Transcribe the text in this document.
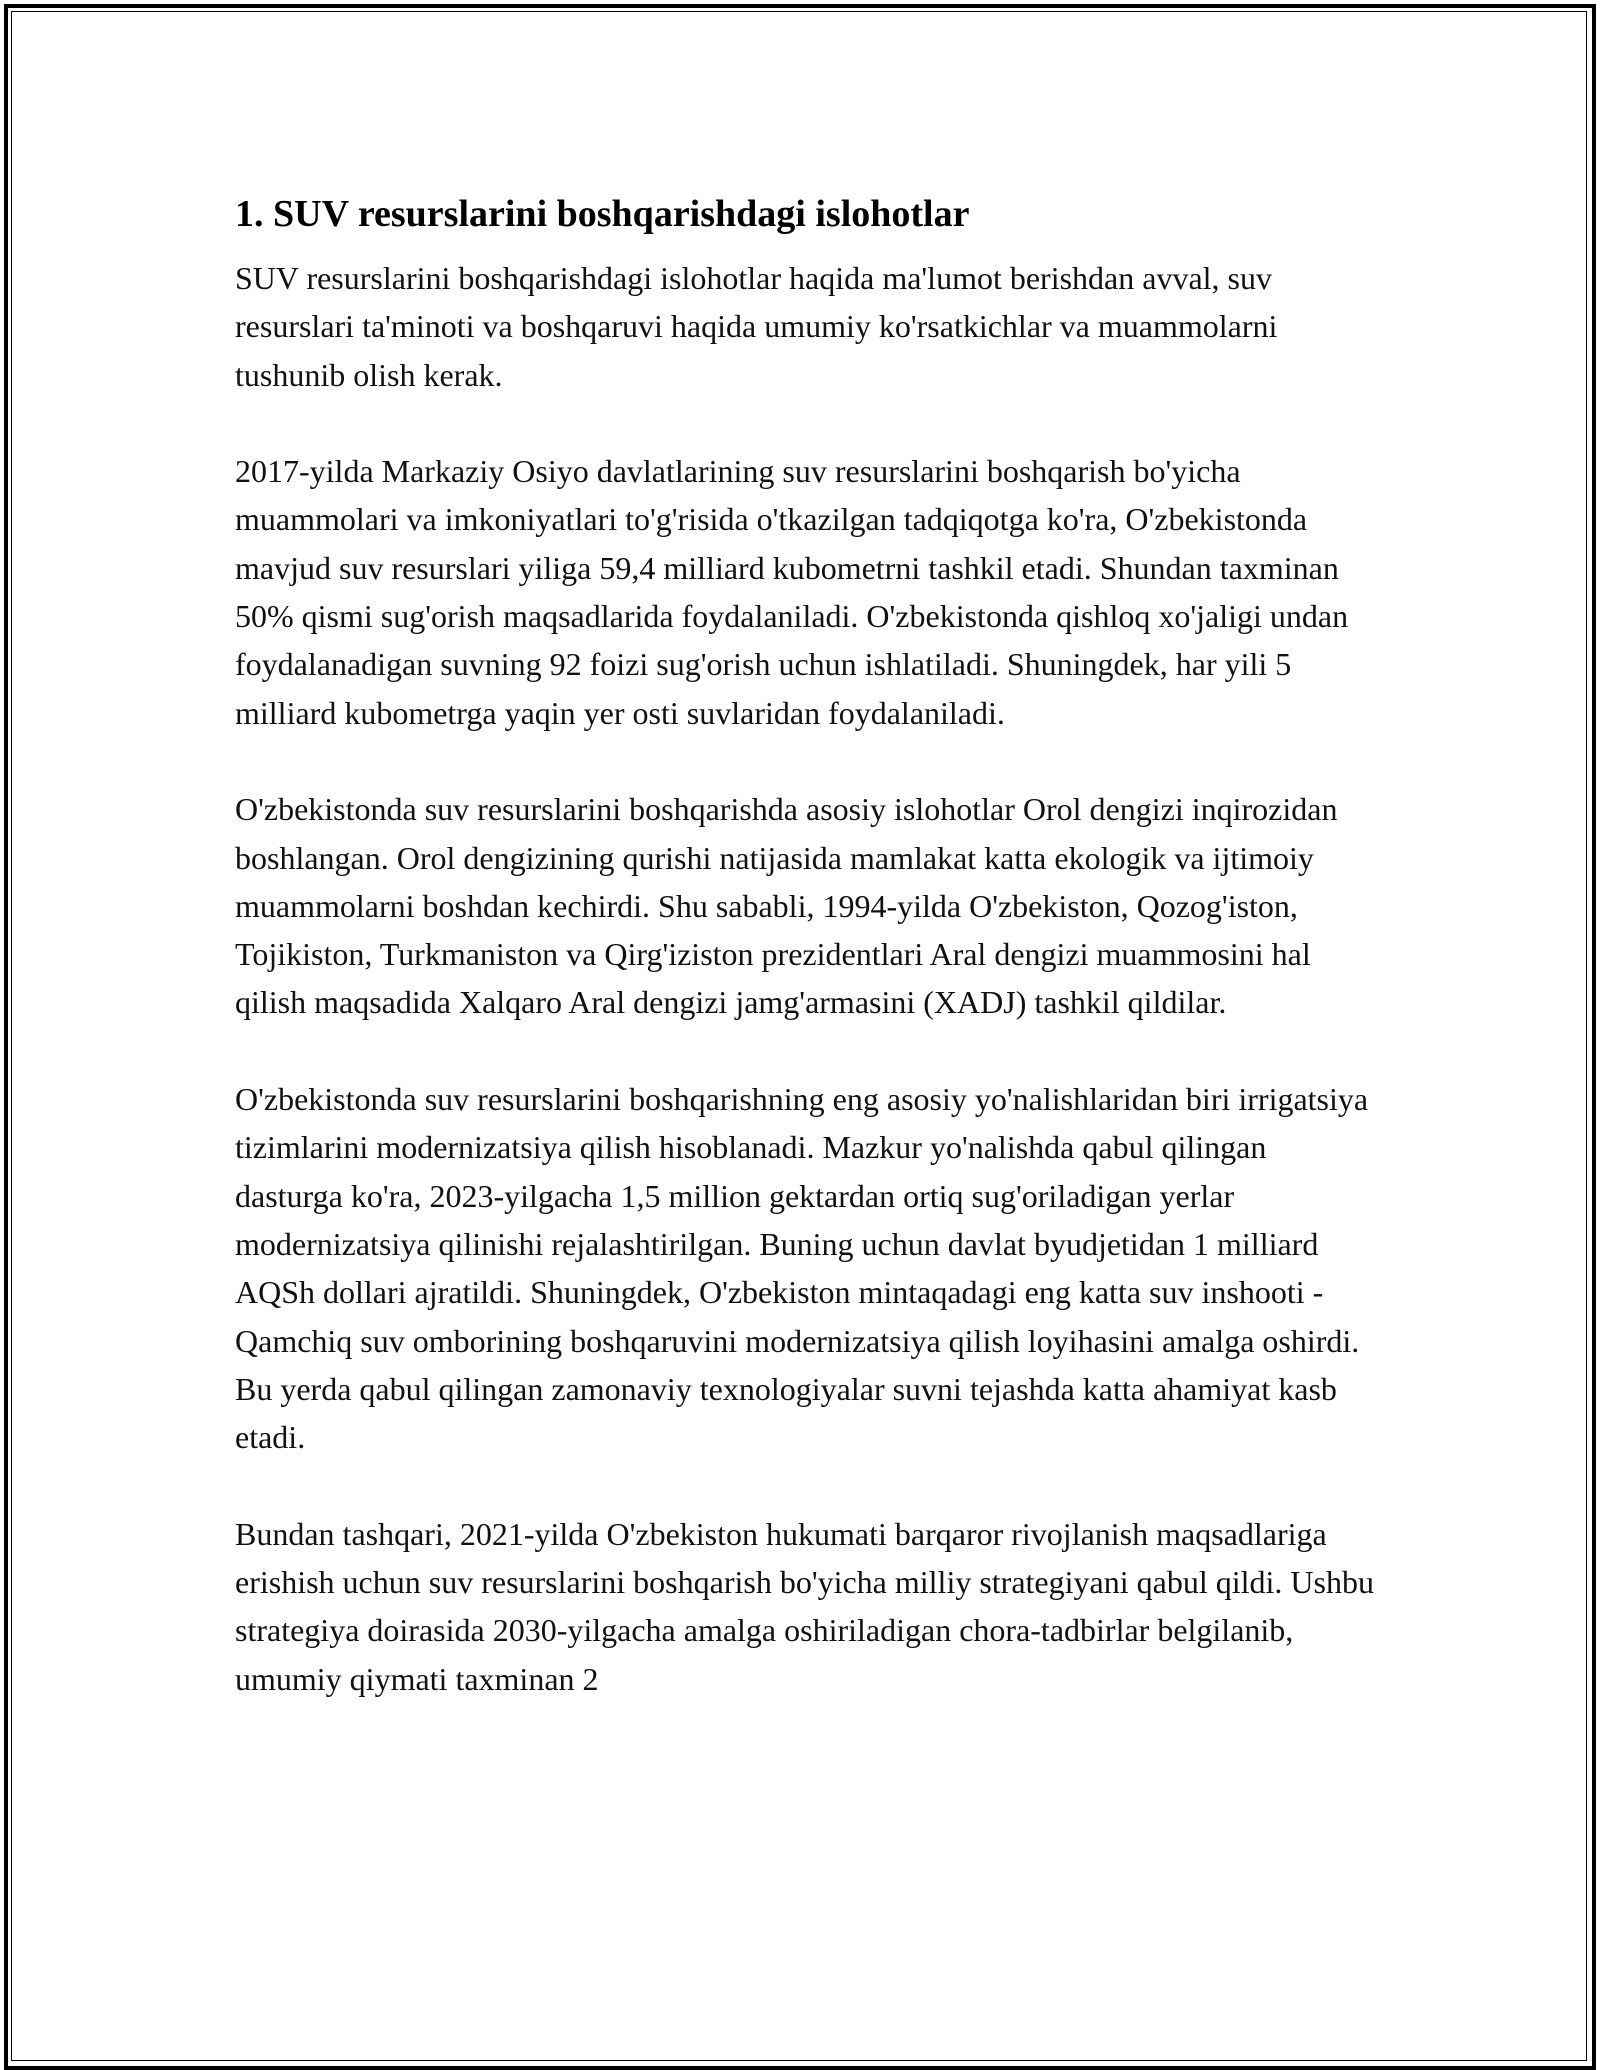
1. SUV resurslarini boshqarishdagi islohotlar

SUV resurslarini boshqarishdagi islohotlar haqida ma'lumot berishdan avval, suv resurslari ta'minoti va boshqaruvi haqida umumiy ko'rsatkichlar va muammolarni tushunib olish kerak.

2017-yilda Markaziy Osiyo davlatlarining suv resurslarini boshqarish bo'yicha muammolari va imkoniyatlari to'g'risida o'tkazilgan tadqiqotga ko'ra, O'zbekistonda mavjud suv resurslari yiliga 59,4 milliard kubometrni tashkil etadi. Shundan taxminan 50% qismi sug'orish maqsadlarida foydalaniladi. O'zbekistonda qishloq xo'jaligi undan foydalanadigan suvning 92 foizi sug'orish uchun ishlatiladi. Shuningdek, har yili 5 milliard kubometrga yaqin yer osti suvlaridan foydalaniladi.

O'zbekistonda suv resurslarini boshqarishda asosiy islohotlar Orol dengizi inqirozidan boshlangan. Orol dengizining qurishi natijasida mamlakat katta ekologik va ijtimoiy muammolarni boshdan kechirdi. Shu sababli, 1994-yilda O'zbekiston, Qozog'iston, Tojikiston, Turkmaniston va Qirg'iziston prezidentlari Aral dengizi muammosini hal qilish maqsadida Xalqaro Aral dengizi jamg'armasini (XADJ) tashkil qildilar.

O'zbekistonda suv resurslarini boshqarishning eng asosiy yo'nalishlaridan biri irrigatsiya tizimlarini modernizatsiya qilish hisoblanadi. Mazkur yo'nalishda qabul qilingan dasturga ko'ra, 2023-yilgacha 1,5 million gektardan ortiq sug'oriladigan yerlar modernizatsiya qilinishi rejalashtirilgan. Buning uchun davlat byudjetidan 1 milliard AQSh dollari ajratildi. Shuningdek, O'zbekiston mintaqadagi eng katta suv inshooti - Qamchiq suv omborining boshqaruvini modernizatsiya qilish loyihasini amalga oshirdi. Bu yerda qabul qilingan zamonaviy texnologiyalar suvni tejashda katta ahamiyat kasb etadi.

Bundan tashqari, 2021-yilda O'zbekiston hukumati barqaror rivojlanish maqsadlariga erishish uchun suv resurslarini boshqarish bo'yicha milliy strategiyani qabul qildi. Ushbu strategiya doirasida 2030-yilgacha amalga oshiriladigan chora-tadbirlar belgilanib, umumiy qiymati taxminan 2
